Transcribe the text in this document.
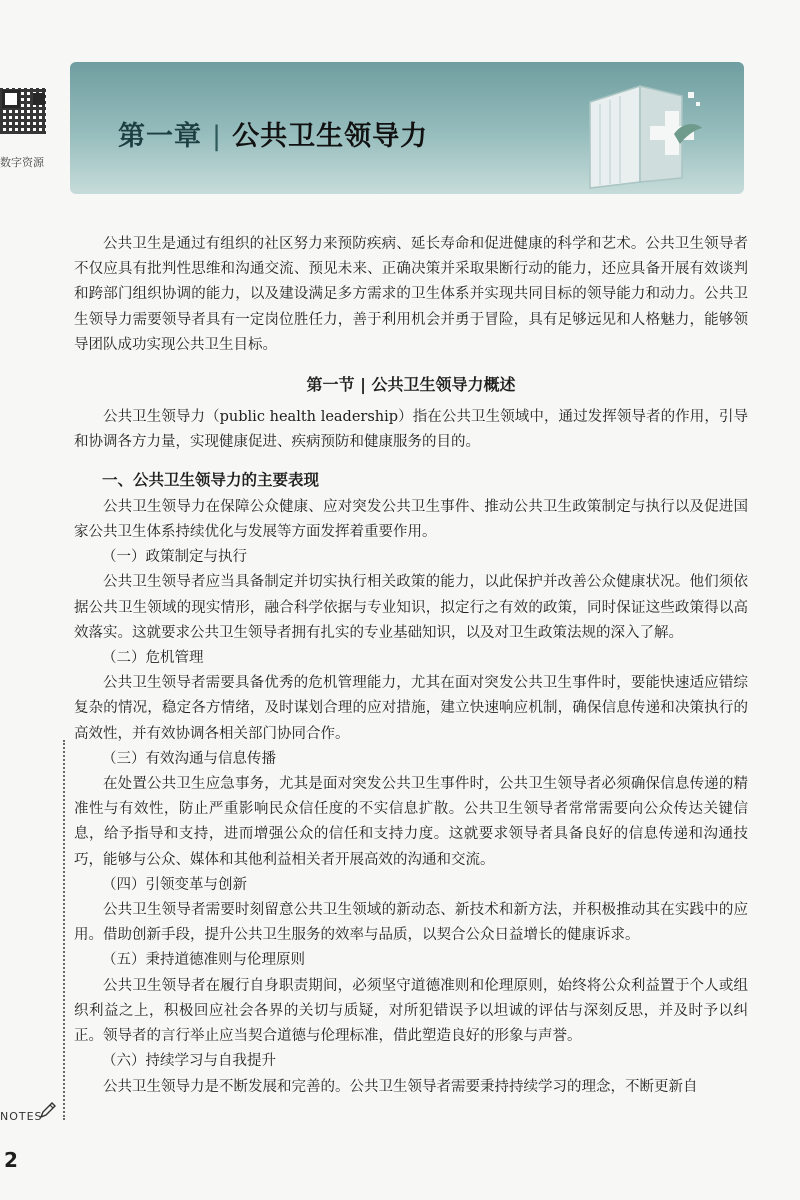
数字资源
第一章 | 公共卫生领导力

公共卫生是通过有组织的社区努力来预防疾病、延长寿命和促进健康的科学和艺术。公共卫生领导者不仅应具有批判性思维和沟通交流、预见未来、正确决策并采取果断行动的能力，还应具备开展有效谈判和跨部门组织协调的能力，以及建设满足多方需求的卫生体系并实现共同目标的领导能力和动力。公共卫生领导力需要领导者具有一定岗位胜任力，善于利用机会并勇于冒险，具有足够远见和人格魅力，能够领导团队成功实现公共卫生目标。

第一节 | 公共卫生领导力概述

公共卫生领导力（public health leadership）指在公共卫生领域中，通过发挥领导者的作用，引导和协调各方力量，实现健康促进、疾病预防和健康服务的目的。

一、公共卫生领导力的主要表现

公共卫生领导力在保障公众健康、应对突发公共卫生事件、推动公共卫生政策制定与执行以及促进国家公共卫生体系持续优化与发展等方面发挥着重要作用。

（一）政策制定与执行

公共卫生领导者应当具备制定并切实执行相关政策的能力，以此保护并改善公众健康状况。他们须依据公共卫生领域的现实情形，融合科学依据与专业知识，拟定行之有效的政策，同时保证这些政策得以高效落实。这就要求公共卫生领导者拥有扎实的专业基础知识，以及对卫生政策法规的深入了解。

（二）危机管理

公共卫生领导者需要具备优秀的危机管理能力，尤其在面对突发公共卫生事件时，要能快速适应错综复杂的情况，稳定各方情绪，及时谋划合理的应对措施，建立快速响应机制，确保信息传递和决策执行的高效性，并有效协调各相关部门协同合作。

（三）有效沟通与信息传播

在处置公共卫生应急事务，尤其是面对突发公共卫生事件时，公共卫生领导者必须确保信息传递的精准性与有效性，防止严重影响民众信任度的不实信息扩散。公共卫生领导者常常需要向公众传达关键信息，给予指导和支持，进而增强公众的信任和支持力度。这就要求领导者具备良好的信息传递和沟通技巧，能够与公众、媒体和其他利益相关者开展高效的沟通和交流。

（四）引领变革与创新

公共卫生领导者需要时刻留意公共卫生领域的新动态、新技术和新方法，并积极推动其在实践中的应用。借助创新手段，提升公共卫生服务的效率与品质，以契合公众日益增长的健康诉求。

（五）秉持道德准则与伦理原则

公共卫生领导者在履行自身职责期间，必须坚守道德准则和伦理原则，始终将公众利益置于个人或组织利益之上，积极回应社会各界的关切与质疑，对所犯错误予以坦诚的评估与深刻反思，并及时予以纠正。领导者的言行举止应当契合道德与伦理标准，借此塑造良好的形象与声誉。

（六）持续学习与自我提升

公共卫生领导力是不断发展和完善的。公共卫生领导者需要秉持持续学习的理念，不断更新自

NOTES
2
